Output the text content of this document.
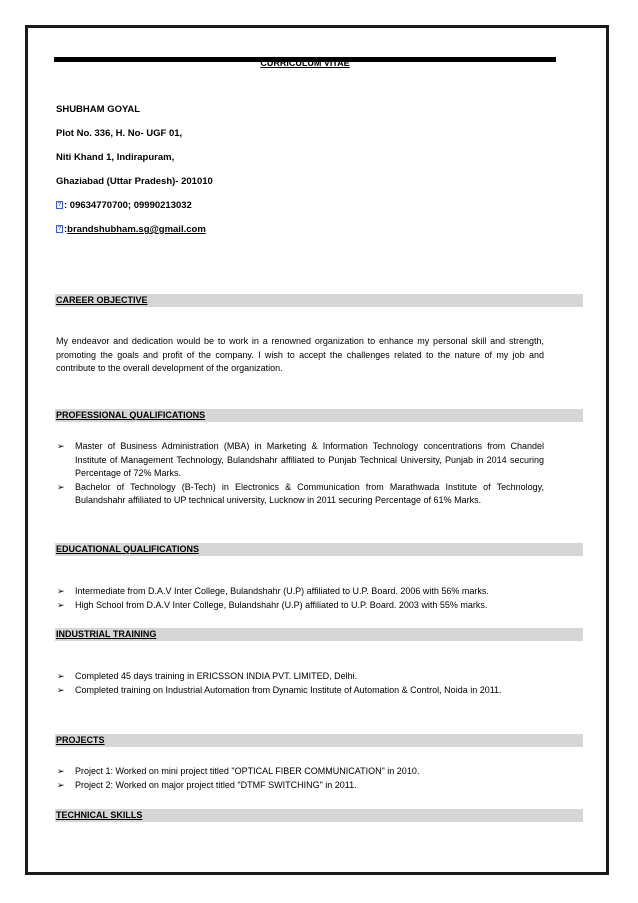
CURRICULUM VITAE
SHUBHAM GOYAL
Plot No. 336, H. No- UGF 01,
Niti Khand 1, Indirapuram,
Ghaziabad (Uttar Pradesh)- 201010
? : 09634770700; 09990213032
? :brandshubham.sg@gmail.com
CAREER OBJECTIVE
My endeavor and dedication would be to work in a renowned organization to enhance my personal skill and strength, promoting the goals and profit of the company. I wish to accept the challenges related to the nature of my job and contribute to the overall development of the organization.
PROFESSIONAL QUALIFICATIONS
➢ Master of Business Administration (MBA) in Marketing & Information Technology concentrations from Chandel Institute of Management Technology, Bulandshahr affiliated to Punjab Technical University, Punjab in 2014 securing Percentage of 72% Marks.
➢ Bachelor of Technology (B-Tech) in Electronics & Communication from Marathwada Institute of Technology, Bulandshahr affiliated to UP technical university, Lucknow in 2011 securing Percentage of 61% Marks.
EDUCATIONAL QUALIFICATIONS
➢ Intermediate from D.A.V Inter College, Bulandshahr (U.P) affiliated to U.P. Board. 2006 with 56% marks.
➢ High School from D.A.V Inter College, Bulandshahr (U.P) affiliated to U.P. Board. 2003 with 55% marks.
INDUSTRIAL TRAINING
➢ Completed 45 days training in ERICSSON INDIA PVT. LIMITED, Delhi.
➢ Completed training on Industrial Automation from Dynamic Institute of Automation & Control, Noida in 2011.
PROJECTS
➢ Project 1: Worked on mini project titled "OPTICAL FIBER COMMUNICATION" in 2010.
➢ Project 2: Worked on major project titled "DTMF SWITCHING" in 2011.
TECHNICAL SKILLS
